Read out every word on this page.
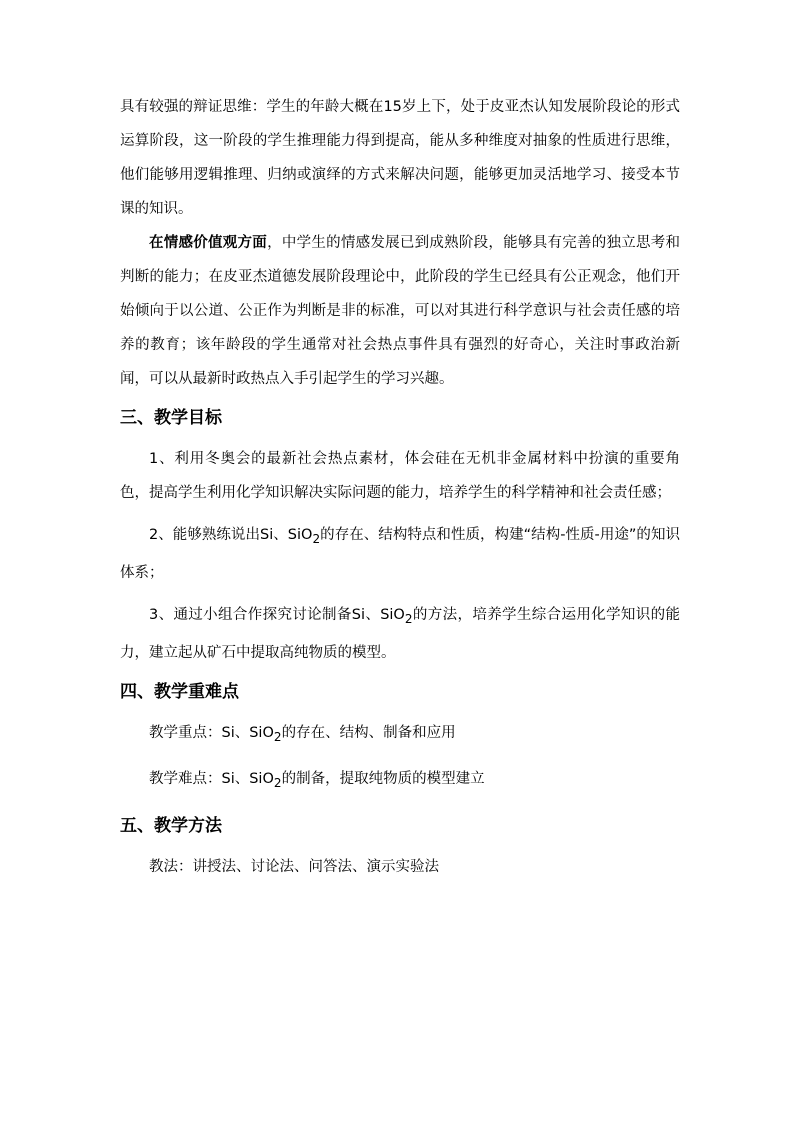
具有较强的辩证思维：学生的年龄大概在15岁上下，处于皮亚杰认知发展阶段论的形式运算阶段，这一阶段的学生推理能力得到提高，能从多种维度对抽象的性质进行思维，他们能够用逻辑推理、归纳或演绎的方式来解决问题，能够更加灵活地学习、接受本节课的知识。

在情感价值观方面，中学生的情感发展已到成熟阶段，能够具有完善的独立思考和判断的能力；在皮亚杰道德发展阶段理论中，此阶段的学生已经具有公正观念，他们开始倾向于以公道、公正作为判断是非的标准，可以对其进行科学意识与社会责任感的培养的教育；该年龄段的学生通常对社会热点事件具有强烈的好奇心，关注时事政治新闻，可以从最新时政热点入手引起学生的学习兴趣。

三、教学目标

1、利用冬奥会的最新社会热点素材，体会硅在无机非金属材料中扮演的重要角色，提高学生利用化学知识解决实际问题的能力，培养学生的科学精神和社会责任感；

2、能够熟练说出Si、SiO$_2$的存在、结构特点和性质，构建“结构-性质-用途”的知识体系；

3、通过小组合作探究讨论制备Si、SiO$_2$的方法，培养学生综合运用化学知识的能力，建立起从矿石中提取高纯物质的模型。

四、教学重难点

教学重点：Si、SiO$_2$的存在、结构、制备和应用

教学难点：Si、SiO$_2$的制备，提取纯物质的模型建立

五、教学方法

教法：讲授法、讨论法、问答法、演示实验法
